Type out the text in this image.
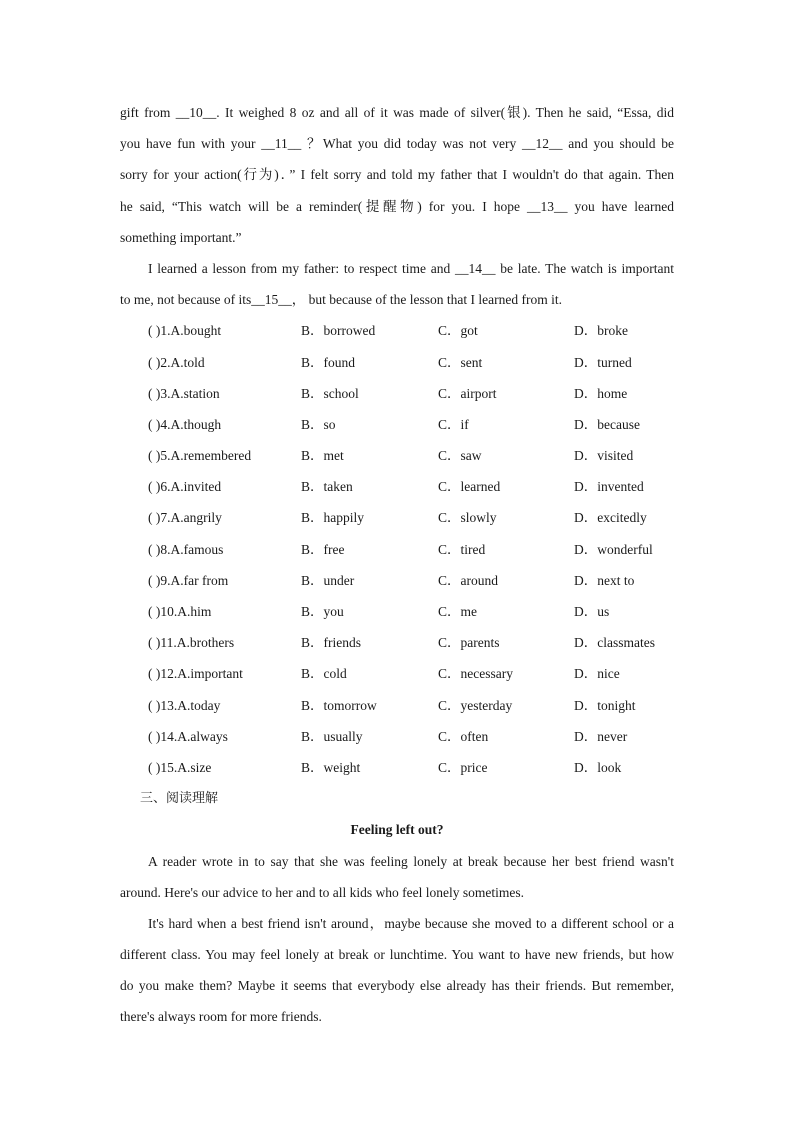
gift from __10__. It weighed 8 oz and all of it was made of silver(银). Then he said, “Essa, did
you have fun with your __11__ ？What you did today was not very __12__ and you should be
sorry for your action(行为)．” I felt sorry and told my father that I wouldn't do that again. Then
he said, “This watch will be a reminder(提醒物) for you. I hope __13__ you have learned
something important.”
I learned a lesson from my father: to respect time and __14__ be late. The watch is important
to me, not because of its__15__， but because of the lesson that I learned from it.
( )1.A.bought	B．borrowed	C．got	D．broke
( )2.A.told	B．found	C．sent	D．turned
( )3.A.station	B．school	C．airport	D．home
( )4.A.though	B．so	C．if	D．because
( )5.A.remembered	B．met	C．saw	D．visited
( )6.A.invited	B．taken	C．learned	D．invented
( )7.A.angrily	B．happily	C．slowly	D．excitedly
( )8.A.famous	B．free	C．tired	D．wonderful
( )9.A.far from	B．under	C．around	D．next to
( )10.A.him	B．you	C．me	D．us
( )11.A.brothers	B．friends	C．parents	D．classmates
( )12.A.important	B．cold	C．necessary	D．nice
( )13.A.today	B．tomorrow	C．yesterday	D．tonight
( )14.A.always	B．usually	C．often	D．never
( )15.A.size	B．weight	C．price	D．look
三、阅读理解
Feeling left out?
A reader wrote in to say that she was feeling lonely at break because her best friend wasn't
around. Here's our advice to her and to all kids who feel lonely sometimes.
It's hard when a best friend isn't around，maybe because she moved to a different school or a
different class. You may feel lonely at break or lunchtime. You want to have new friends, but how
do you make them? Maybe it seems that everybody else already has their friends. But remember,
there's always room for more friends.
